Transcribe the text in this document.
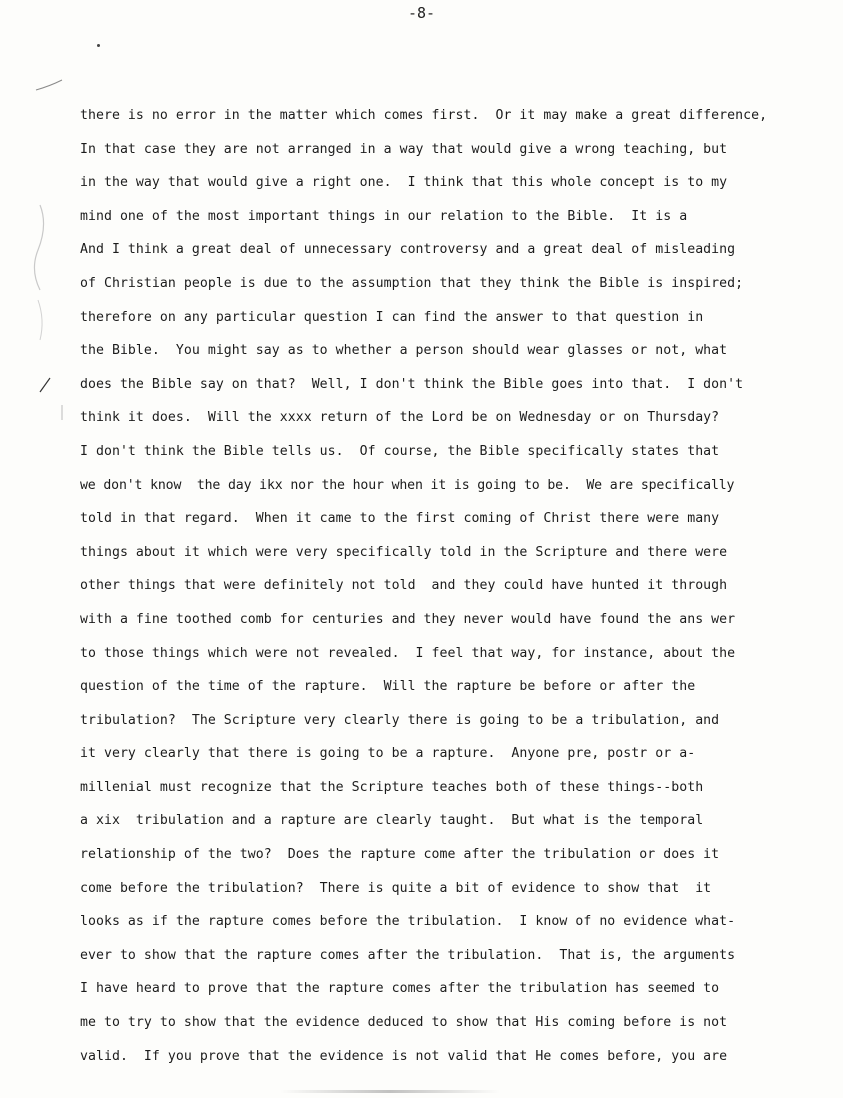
-8-
there is no error in the matter which comes first.  Or it may make a great difference,
In that case they are not arranged in a way that would give a wrong teaching, but
in the way that would give a right one.  I think that this whole concept is to my
mind one of the most important things in our relation to the Bible.  It is a
And I think a great deal of unnecessary controversy and a great deal of misleading
of Christian people is due to the assumption that they think the Bible is inspired;
therefore on any particular question I can find the answer to that question in
the Bible.  You might say as to whether a person should wear glasses or not, what
does the Bible say on that?  Well, I don't think the Bible goes into that.  I don't
think it does.  Will the xxxx return of the Lord be on Wednesday or on Thursday?
I don't think the Bible tells us.  Of course, the Bible specifically states that
we don't know  the day ikx nor the hour when it is going to be.  We are specifically
told in that regard.  When it came to the first coming of Christ there were many
things about it which were very specifically told in the Scripture and there were
other things that were definitely not told  and they could have hunted it through
with a fine toothed comb for centuries and they never would have found the ans wer
to those things which were not revealed.  I feel that way, for instance, about the
question of the time of the rapture.  Will the rapture be before or after the
tribulation?  The Scripture very clearly there is going to be a tribulation, and
it very clearly that there is going to be a rapture.  Anyone pre, postr or a-
millenial must recognize that the Scripture teaches both of these things--both
a xix  tribulation and a rapture are clearly taught.  But what is the temporal
relationship of the two?  Does the rapture come after the tribulation or does it
come before the tribulation?  There is quite a bit of evidence to show that  it
looks as if the rapture comes before the tribulation.  I know of no evidence what-
ever to show that the rapture comes after the tribulation.  That is, the arguments
I have heard to prove that the rapture comes after the tribulation has seemed to
me to try to show that the evidence deduced to show that His coming before is not
valid.  If you prove that the evidence is not valid that He comes before, you are
